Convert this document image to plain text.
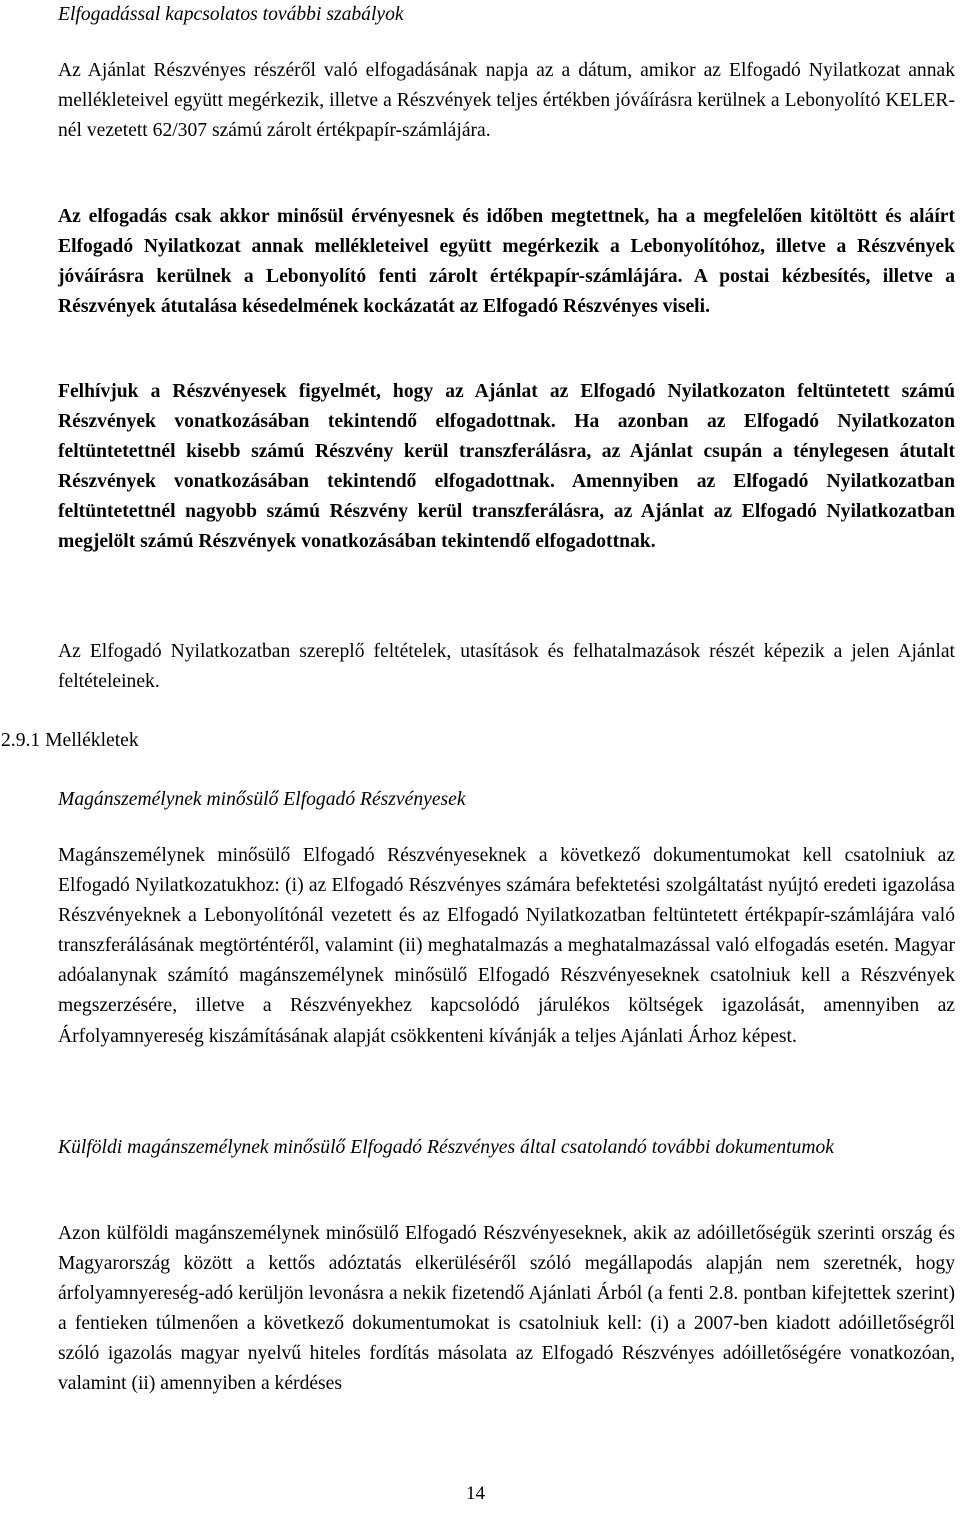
Elfogadással kapcsolatos további szabályok

Az Ajánlat Részvényes részéről való elfogadásának napja az a dátum, amikor az Elfogadó Nyilatkozat annak mellékleteivel együtt megérkezik, illetve a Részvények teljes értékben jóváírásra kerülnek a Lebonyolító KELER-nél vezetett 62/307 számú zárolt értékpapír-számlájára.

Az elfogadás csak akkor minősül érvényesnek és időben megtettnek, ha a megfelelően kitöltött és aláírt Elfogadó Nyilatkozat annak mellékleteivel együtt megérkezik a Lebonyolítóhoz, illetve a Részvények jóváírásra kerülnek a Lebonyolító fenti zárolt értékpapír-számlájára. A postai kézbesítés, illetve a Részvények átutalása késedelmének kockázatát az Elfogadó Részvényes viseli.

Felhívjuk a Részvényesek figyelmét, hogy az Ajánlat az Elfogadó Nyilatkozaton feltüntetett számú Részvények vonatkozásában tekintendő elfogadottnak. Ha azonban az Elfogadó Nyilatkozaton feltüntetettnél kisebb számú Részvény kerül transzferálásra, az Ajánlat csupán a ténylegesen átutalt Részvények vonatkozásában tekintendő elfogadottnak. Amennyiben az Elfogadó Nyilatkozatban feltüntetettnél nagyobb számú Részvény kerül transzferálásra, az Ajánlat az Elfogadó Nyilatkozatban megjelölt számú Részvények vonatkozásában tekintendő elfogadottnak.

Az Elfogadó Nyilatkozatban szereplő feltételek, utasítások és felhatalmazások részét képezik a jelen Ajánlat feltételeinek.

Magánszemélynek minősülő Elfogadó Részvényesek

Magánszemélynek minősülő Elfogadó Részvényeseknek a következő dokumentumokat kell csatolniuk az Elfogadó Nyilatkozatukhoz: (i) az Elfogadó Részvényes számára befektetési szolgáltatást nyújtó eredeti igazolása Részvényeknek a Lebonyolítónál vezetett és az Elfogadó Nyilatkozatban feltüntetett értékpapír-számlájára való transzferálásának megtörténtéről, valamint (ii) meghatalmazás a meghatalmazással való elfogadás esetén. Magyar adóalanynak számító magánszemélynek minősülő Elfogadó Részvényeseknek csatolniuk kell a Részvények megszerzésére, illetve a Részvényekhez kapcsolódó járulékos költségek igazolását, amennyiben az Árfolyamnyereség kiszámításának alapját csökkenteni kívánják a teljes Ajánlati Árhoz képest.

Külföldi magánszemélynek minősülő Elfogadó Részvényes által csatolandó további dokumentumok

Azon külföldi magánszemélynek minősülő Elfogadó Részvényeseknek, akik az adóilletőségük szerinti ország és Magyarország között a kettős adóztatás elkerüléséről szóló megállapodás alapján nem szeretnék, hogy árfolyamnyereség-adó kerüljön levonásra a nekik fizetendő Ajánlati Árból (a fenti 2.8. pontban kifejtettek szerint) a fentieken túlmenően a következő dokumentumokat is csatolniuk kell: (i) a 2007-ben kiadott adóilletőségről szóló igazolás magyar nyelvű hiteles fordítás másolata az Elfogadó Részvényes adóilletőségére vonatkozóan, valamint (ii) amennyiben a kérdéses

2.9.1 Mellékletek

14
